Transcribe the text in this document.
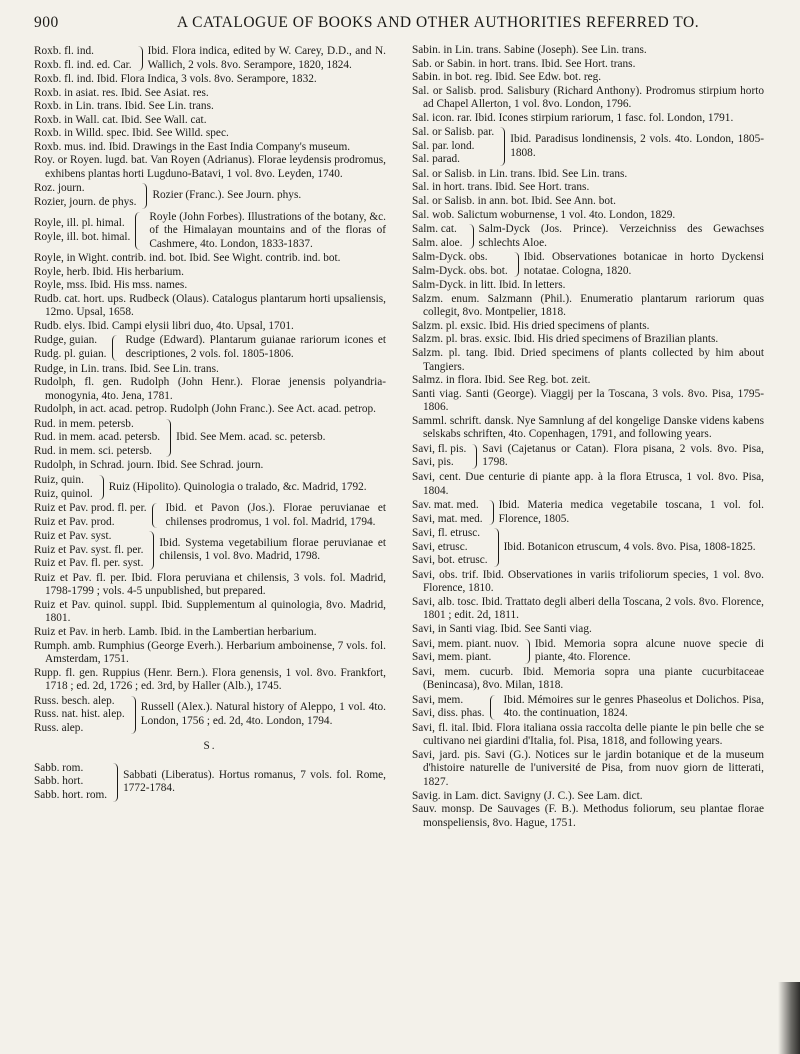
900	A CATALOGUE OF BOOKS AND OTHER AUTHORITIES REFERRED TO.
Roxb. fl. ind.
Roxb. fl. ind. ed. Car.
Ibid. Flora indica, edited by W. Carey, D.D., and N. Wallich, 2 vols. 8vo. Serampore, 1820, 1824.

Roxb. fl. ind. Ibid. Flora Indica, 3 vols. 8vo. Serampore, 1832.

Roxb. in asiat. res. Ibid. See Asiat. res.

Roxb. in Lin. trans. Ibid. See Lin. trans.

Roxb. in Wall. cat. Ibid. See Wall. cat.

Roxb. in Willd. spec. Ibid. See Willd. spec.

Roxb. mus. ind. Ibid. Drawings in the East India Company's museum.

Roy. or Royen. lugd. bat. Van Royen (Adrianus). Florae leydensis prodromus, exhibens plantas horti Lugduno-Batavi, 1 vol. 8vo. Leyden, 1740.

Roz. journ.
Rozier, journ. de phys.
Rozier (Franc.). See Journ. phys.
Royle, ill. pl. himal.
Royle, ill. bot. himal.
Royle (John Forbes). Illustrations of the botany, &c. of the Himalayan mountains and of the floras of Cashmere, 4to. London, 1833-1837.

Royle, in Wight. contrib. ind. bot. Ibid. See Wight. contrib. ind. bot.

Royle, herb. Ibid. His herbarium.

Royle, mss. Ibid. His mss. names.

Rudb. cat. hort. ups. Rudbeck (Olaus). Catalogus plantarum horti upsaliensis, 12mo. Upsal, 1658.

Rudb. elys. Ibid. Campi elysii libri duo, 4to. Upsal, 1701.

Rudge, guian.
Rudg. pl. guian.
Rudge (Edward). Plantarum guianae rariorum icones et descriptiones, 2 vols. fol. 1805-1806.

Rudge, in Lin. trans. Ibid. See Lin. trans.

Rudolph, fl. gen. Rudolph (John Henr.). Florae jenensis polyandria-monogynia, 4to. Jena, 1781.

Rudolph, in act. acad. petrop. Rudolph (John Franc.). See Act. acad. petrop.

Rud. in mem. petersb.
Rud. in mem. acad. petersb.
Rud. in mem. sci. petersb.
Ibid. See Mem. acad. sc. petersb.

Rudolph, in Schrad. journ. Ibid. See Schrad. journ.

Ruiz, quin.
Ruiz, quinol.
Ruiz (Hipolito). Quinologia o tralado, &c. Madrid, 1792.
Ruiz et Pav. prod. fl. per.
Ruiz et Pav. prod.
Ibid. et Pavon (Jos.). Florae peruvianae et chilenses prodromus, 1 vol. fol. Madrid, 1794.
Ruiz et Pav. syst.
Ruiz et Pav. syst. fl. per.
Ruiz et Pav. fl. per. syst.
Ibid. Systema vegetabilium florae peruvianae et chilensis, 1 vol. 8vo. Madrid, 1798.

Ruiz et Pav. fl. per. Ibid. Flora peruviana et chilensis, 3 vols. fol. Madrid, 1798-1799 ; vols. 4-5 unpublished, but prepared.

Ruiz et Pav. quinol. suppl. Ibid. Supplementum al quinologia, 8vo. Madrid, 1801.

Ruiz et Pav. in herb. Lamb. Ibid. in the Lambertian herbarium.

Rumph. amb. Rumphius (George Everh.). Herbarium amboinense, 7 vols. fol. Amsterdam, 1751.

Rupp. fl. gen. Ruppius (Henr. Bern.). Flora genensis, 1 vol. 8vo. Frankfort, 1718 ; ed. 2d, 1726 ; ed. 3rd, by Haller (Alb.), 1745.

Russ. besch. alep.
Russ. nat. hist. alep.
Russ. alep.
Russell (Alex.). Natural history of Aleppo, 1 vol. 4to. London, 1756 ; ed. 2d, 4to. London, 1794.
S.
Sabb. rom.
Sabb. hort.
Sabb. hort. rom.
Sabbati (Liberatus). Hortus romanus, 7 vols. fol. Rome, 1772-1784.

Sabin. in Lin. trans. Sabine (Joseph). See Lin. trans.

Sab. or Sabin. in hort. trans. Ibid. See Hort. trans.

Sabin. in bot. reg. Ibid. See Edw. bot. reg.

Sal. or Salisb. prod. Salisbury (Richard Anthony). Prodromus stirpium horto ad Chapel Allerton, 1 vol. 8vo. London, 1796.

Sal. icon. rar. Ibid. Icones stirpium rariorum, 1 fasc. fol. London, 1791.

Sal. or Salisb. par.
Sal. par. lond.
Sal. parad.
Ibid. Paradisus londinensis, 2 vols. 4to. London, 1805-1808.

Sal. or Salisb. in Lin. trans. Ibid. See Lin. trans.

Sal. in hort. trans. Ibid. See Hort. trans.

Sal. or Salisb. in ann. bot. Ibid. See Ann. bot.

Sal. wob. Salictum woburnense, 1 vol. 4to. London, 1829.

Salm. cat.
Salm. aloe.
Salm-Dyck (Jos. Prince). Verzeichniss des Gewachses schlechts Aloe.
Salm-Dyck. obs.
Salm-Dyck. obs. bot.
Ibid. Observationes botanicae in horto Dyckensi notatae. Cologna, 1820.

Salm-Dyck. in litt. Ibid. In letters.

Salzm. enum. Salzmann (Phil.). Enumeratio plantarum rariorum quas collegit, 8vo. Montpelier, 1818.

Salzm. pl. exsic. Ibid. His dried specimens of plants.

Salzm. pl. bras. exsic. Ibid. His dried specimens of Brazilian plants.

Salzm. pl. tang. Ibid. Dried specimens of plants collected by him about Tangiers.

Salmz. in flora. Ibid. See Reg. bot. zeit.

Santi viag. Santi (George). Viaggij per la Toscana, 3 vols. 8vo. Pisa, 1795-1806.

Samml. schrift. dansk. Nye Samnlung af del kongelige Danske videns kabens selskabs schriften, 4to. Copenhagen, 1791, and following years.

Savi, fl. pis.
Savi, pis.
Savi (Cajetanus or Catan). Flora pisana, 2 vols. 8vo. Pisa, 1798.

Savi, cent. Due centurie di piante app. à la flora Etrusca, 1 vol. 8vo. Pisa, 1804.

Sav. mat. med.
Savi, mat. med.
Ibid. Materia medica vegetabile toscana, 1 vol. fol. Florence, 1805.
Savi, fl. etrusc.
Savi, etrusc.
Savi, bot. etrusc.
Ibid. Botanicon etruscum, 4 vols. 8vo. Pisa, 1808-1825.

Savi, obs. trif. Ibid. Observationes in variis trifoliorum species, 1 vol. 8vo. Florence, 1810.

Savi, alb. tosc. Ibid. Trattato degli alberi della Toscana, 2 vols. 8vo. Florence, 1801 ; edit. 2d, 1811.

Savi, in Santi viag. Ibid. See Santi viag.

Savi, mem. piant. nuov.
Savi, mem. piant.
Ibid. Memoria sopra alcune nuove specie di piante, 4to. Florence.

Savi, mem. cucurb. Ibid. Memoria sopra una piante cucurbitaceae (Benincasa), 8vo. Milan, 1818.

Savi, mem.
Savi, diss. phas.
Ibid. Mémoires sur le genres Phaseolus et Dolichos. Pisa, 4to. the continuation, 1824.

Savi, fl. ital. Ibid. Flora italiana ossia raccolta delle piante le pin belle che se cultivano nei giardini d'Italia, fol. Pisa, 1818, and following years.

Savi, jard. pis. Savi (G.). Notices sur le jardin botanique et de la museum d'histoire naturelle de l'université de Pisa, from nuov giorn de litterati, 1827.

Savig. in Lam. dict. Savigny (J. C.). See Lam. dict.

Sauv. monsp. De Sauvages (F. B.). Methodus foliorum, seu plantae florae monspeliensis, 8vo. Hague, 1751.
